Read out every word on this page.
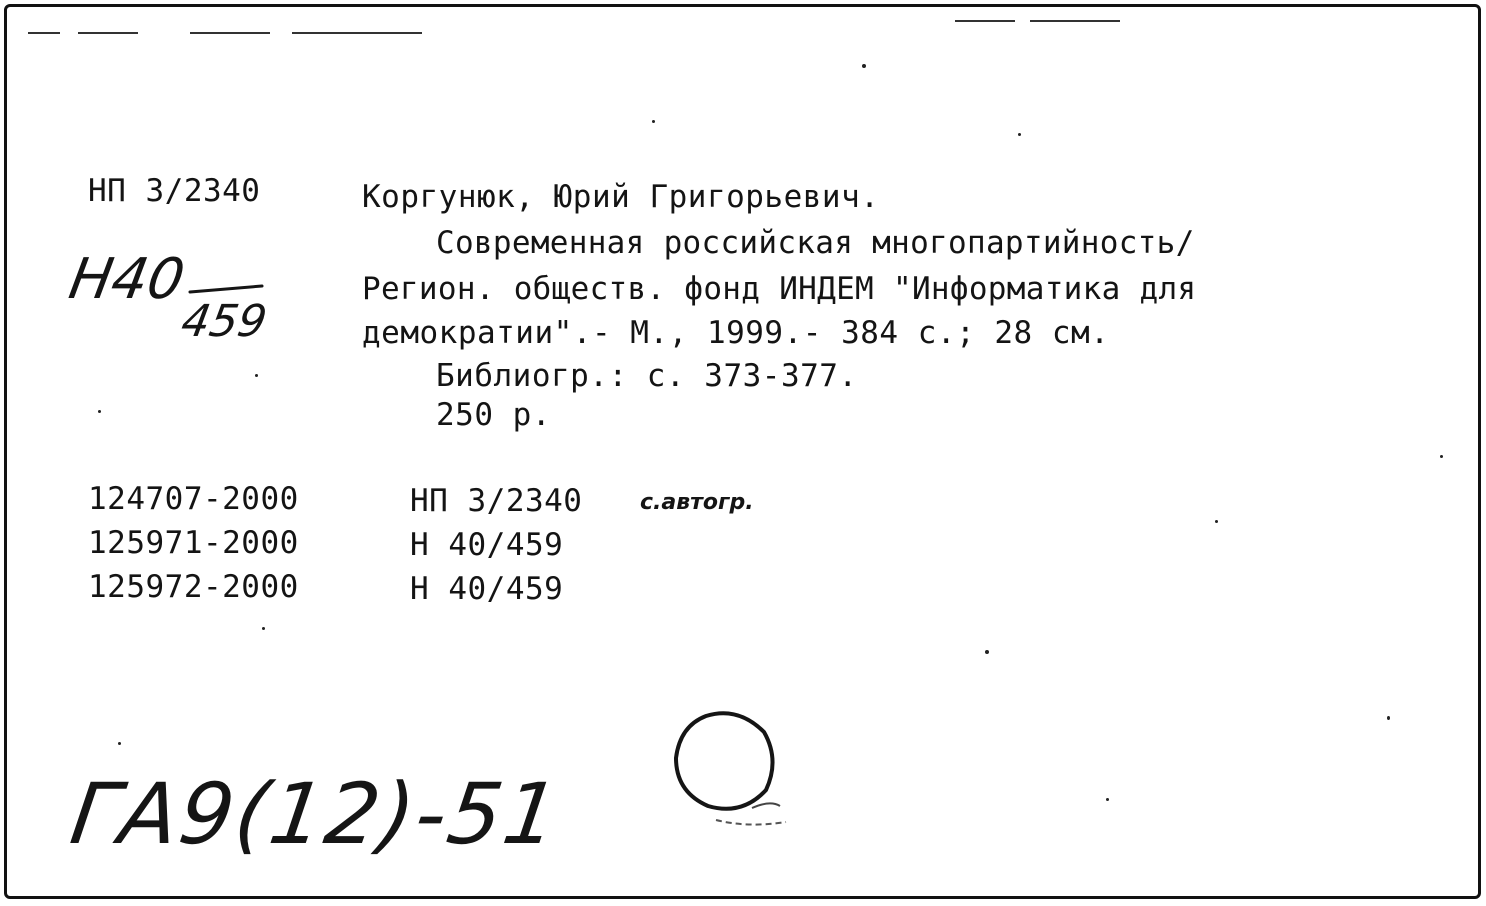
НП 3/2340	Коргунюк, Юрий Григорьевич.
Современная российская многопартийность/
Регион. обществ. фонд ИНДЕМ "Информатика для
демократии".- М., 1999.- 384 с.; 28 см.
Библиогр.: с. 373-377.
250 р.
124707-2000	НП 3/2340	с.автогр.
125971-2000	Н 40/459
125972-2000	Н 40/459
Н40
459
ГА9(12)-51
